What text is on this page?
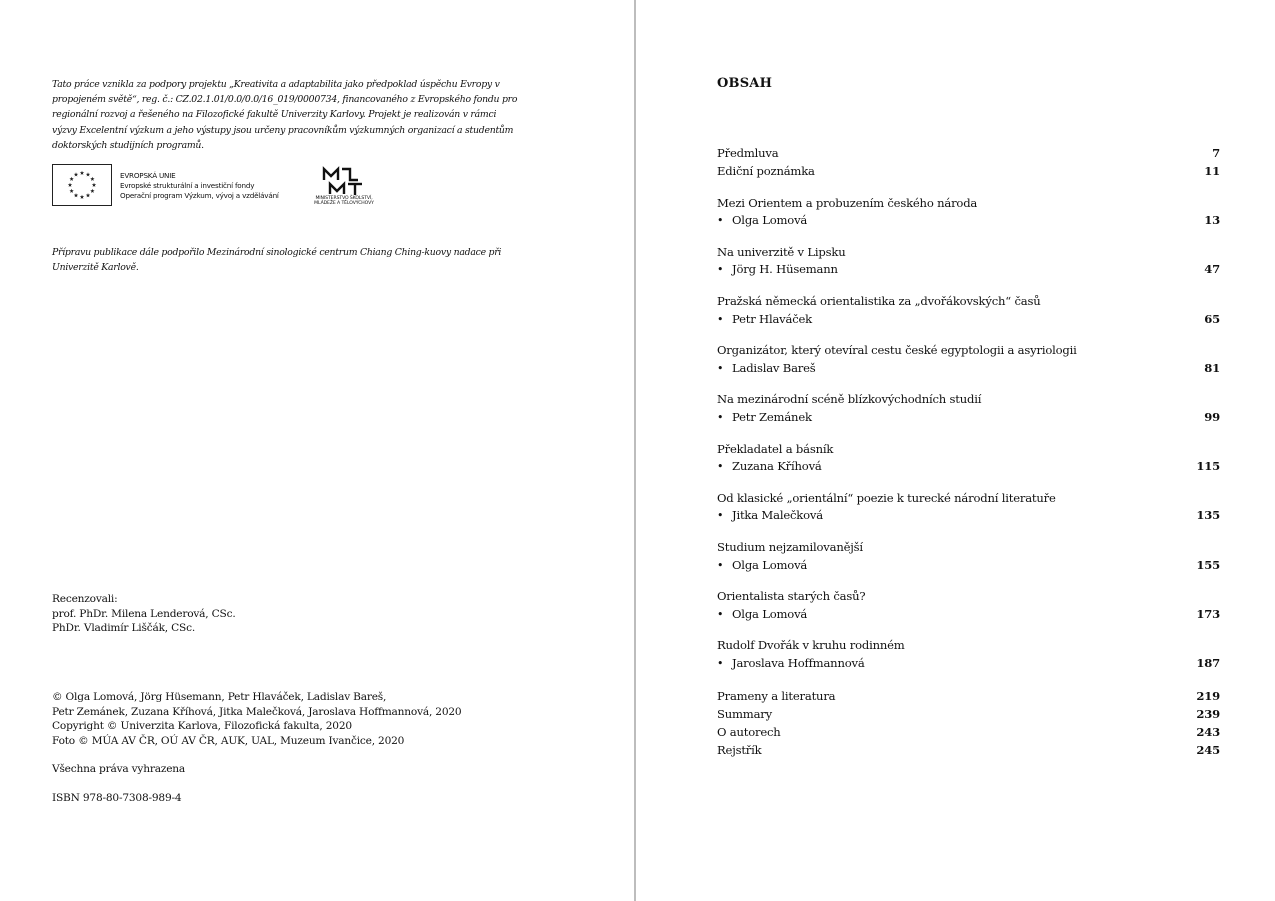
Tato práce vznikla za podpory projektu „Kreativita a adaptabilita jako předpoklad úspěchu Evropy v propojeném světě“, reg. č.: CZ.02.1.01/0.0/0.0/16_019/0000734, financovaného z Evropského fondu pro regionální rozvoj a řešeného na Filozofické fakultě Univerzity Karlovy. Projekt je realizován v rámci výzvy Excelentní výzkum a jeho výstupy jsou určeny pracovníkům výzkumných organizací a studentům doktorských studijních programů.

EVROPSKÁ UNIE
Evropské strukturální a investiční fondy
Operační program Výzkum, vývoj a vzdělávání	MINISTERSTVO ŠKOLSTVÍ,
MLÁDEŽE A TĚLOVÝCHOVY

Přípravu publikace dále podpořilo Mezinárodní sinologické centrum Chiang Ching-kuovy nadace při Univerzitě Karlově.

Recenzovali:
prof. PhDr. Milena Lenderová, CSc.
PhDr. Vladimír Liščák, CSc.
© Olga Lomová, Jörg Hüsemann, Petr Hlaváček, Ladislav Bareš,
Petr Zemánek, Zuzana Kříhová, Jitka Malečková, Jaroslava Hoffmannová, 2020
Copyright © Univerzita Karlova, Filozofická fakulta, 2020
Foto © MÚA AV ČR, OÚ AV ČR, AUK, UAL, Muzeum Ivančice, 2020
Všechna práva vyhrazena
ISBN 978-80-7308-989-4
OBSAH
Předmluva	7
Ediční poznámka	11
Mezi Orientem a probuzením českého národa
• Olga Lomová	13
Na univerzitě v Lipsku
• Jörg H. Hüsemann	47
Pražská německá orientalistika za „dvořákovských“ časů
• Petr Hlaváček	65
Organizátor, který otevíral cestu české egyptologii a asyriologii
• Ladislav Bareš	81
Na mezinárodní scéně blízkovýchodních studií
• Petr Zemánek	99
Překladatel a básník
• Zuzana Kříhová	115
Od klasické „orientální“ poezie k turecké národní literatuře
• Jitka Malečková	135
Studium nejzamilovanější
• Olga Lomová	155
Orientalista starých časů?
• Olga Lomová	173
Rudolf Dvořák v kruhu rodinném
• Jaroslava Hoffmannová	187
Prameny a literatura	219
Summary	239
O autorech	243
Rejstřík	245
